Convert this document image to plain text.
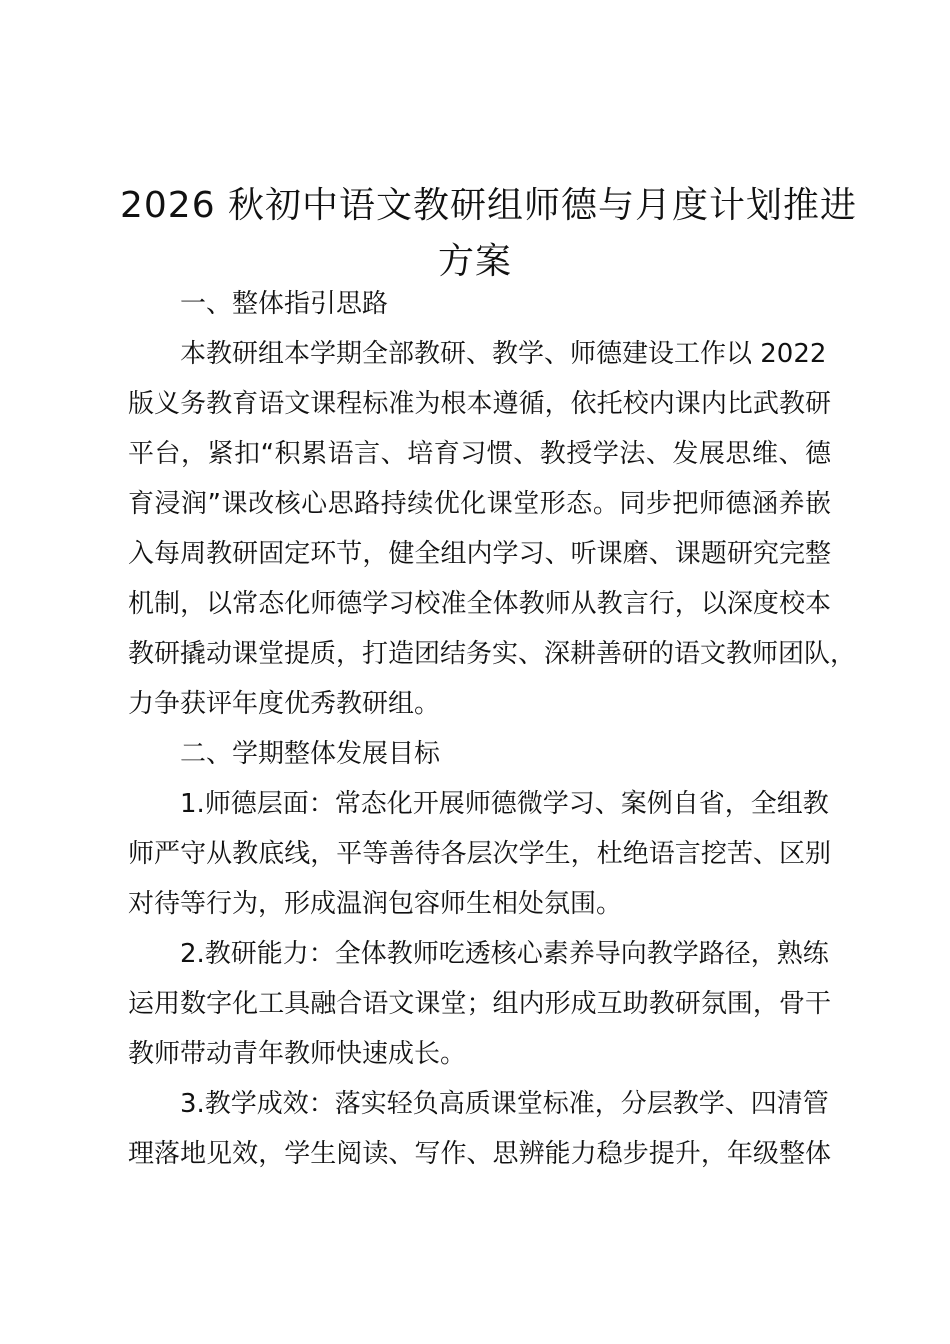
2026 秋初中语文教研组师德与月度计划推进
方案
一、整体指引思路
本教研组本学期全部教研、教学、师德建设工作以 2022
版义务教育语文课程标准为根本遵循，依托校内课内比武教研
平台，紧扣“积累语言、培育习惯、教授学法、发展思维、德
育浸润”课改核心思路持续优化课堂形态。同步把师德涵养嵌
入每周教研固定环节，健全组内学习、听课磨、课题研究完整
机制，以常态化师德学习校准全体教师从教言行，以深度校本
教研撬动课堂提质，打造团结务实、深耕善研的语文教师团队，
力争获评年度优秀教研组。
二、学期整体发展目标
1.师德层面：常态化开展师德微学习、案例自省，全组教
师严守从教底线，平等善待各层次学生，杜绝语言挖苦、区别
对待等行为，形成温润包容师生相处氛围。
2.教研能力：全体教师吃透核心素养导向教学路径，熟练
运用数字化工具融合语文课堂；组内形成互助教研氛围，骨干
教师带动青年教师快速成长。
3.教学成效：落实轻负高质课堂标准，分层教学、四清管
理落地见效，学生阅读、写作、思辨能力稳步提升，年级整体
